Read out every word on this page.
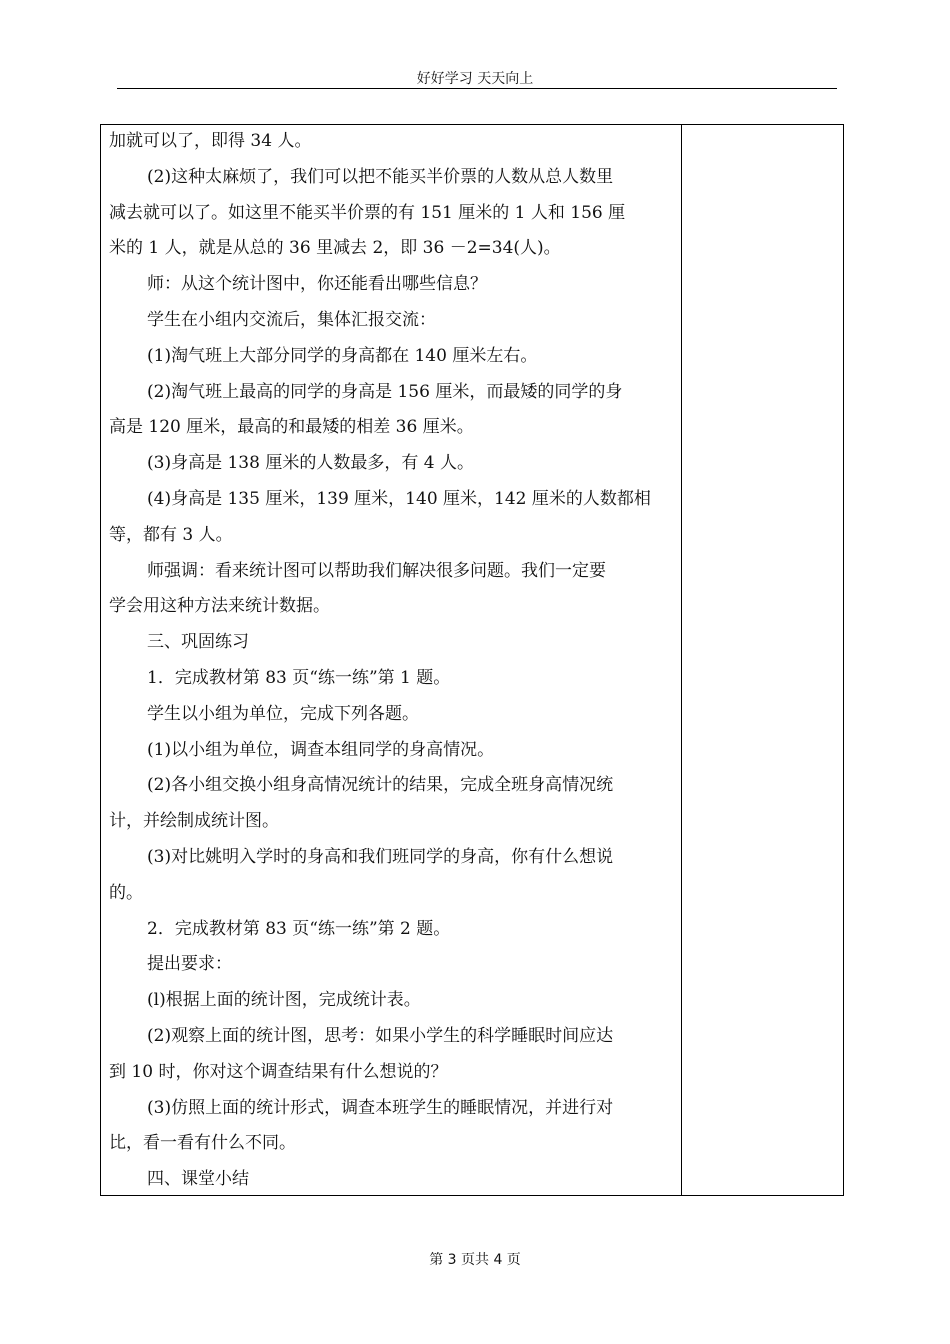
好好学习 天天向上
加就可以了，即得 34 人。
(2)这种太麻烦了，我们可以把不能买半价票的人数从总人数里
减去就可以了。如这里不能买半价票的有 151 厘米的 1 人和 156 厘
米的 1 人，就是从总的 36 里减去 2，即 36 －2=34(人)。
师：从这个统计图中，你还能看出哪些信息？
学生在小组内交流后，集体汇报交流：
(1)淘气班上大部分同学的身高都在 140 厘米左右。
(2)淘气班上最高的同学的身高是 156 厘米，而最矮的同学的身
高是 120 厘米，最高的和最矮的相差 36 厘米。
(3)身高是 138 厘米的人数最多，有 4 人。
(4)身高是 135 厘米，139 厘米，140 厘米，142 厘米的人数都相
等，都有 3 人。
师强调：看来统计图可以帮助我们解决很多问题。我们一定要
学会用这种方法来统计数据。
三、巩固练习
1．完成教材第 83 页“练一练”第 1 题。
学生以小组为单位，完成下列各题。
(1)以小组为单位，调查本组同学的身高情况。
(2)各小组交换小组身高情况统计的结果，完成全班身高情况统
计，并绘制成统计图。
(3)对比姚明入学时的身高和我们班同学的身高，你有什么想说
的。
2．完成教材第 83 页“练一练”第 2 题。
提出要求：
(l)根据上面的统计图，完成统计表。
(2)观察上面的统计图，思考：如果小学生的科学睡眠时间应达
到 10 时，你对这个调查结果有什么想说的？
(3)仿照上面的统计形式，调查本班学生的睡眠情况，并进行对
比，看一看有什么不同。
四、课堂小结
第 3 页共 4 页
